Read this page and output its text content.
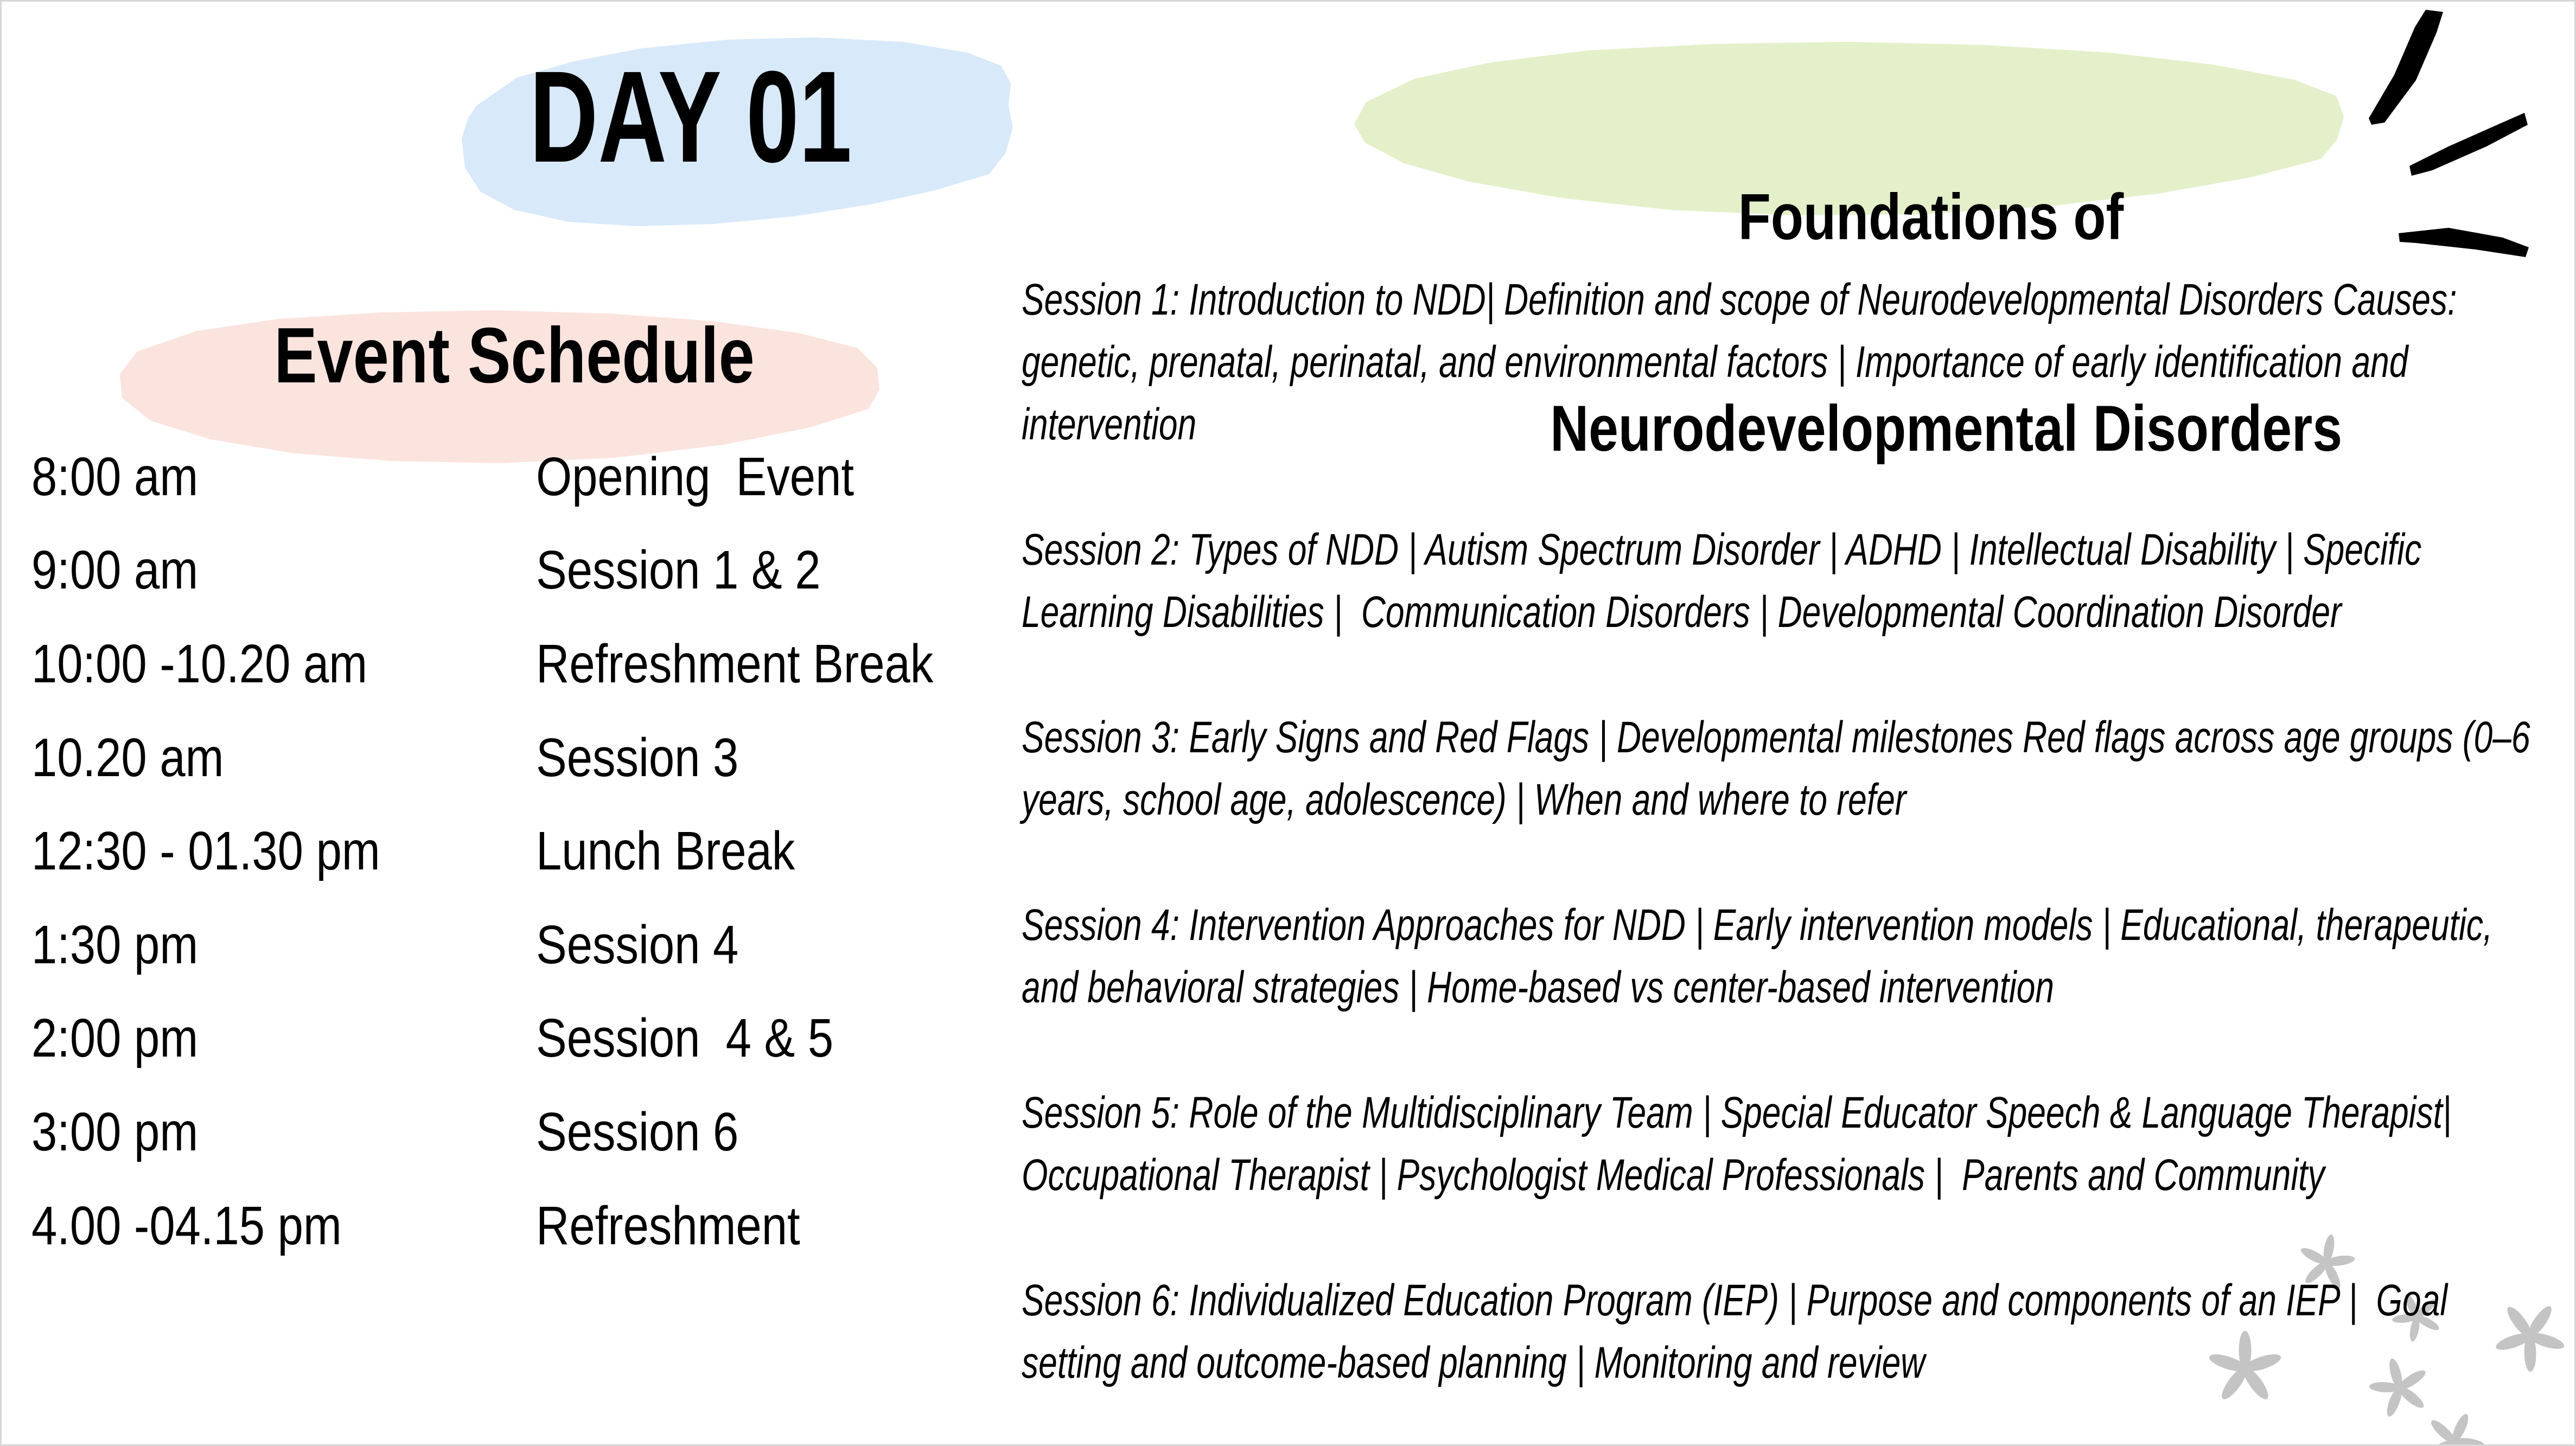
DAY 01

Foundations of

Neurodevelopmental Disorders

Event Schedule
8:00 am	Opening  Event
9:00 am	Session 1 & 2
10:00 -10.20 am	Refreshment Break
10.20 am	Session 3
12:30 - 01.30 pm	Lunch Break
1:30 pm	Session 4
2:00 pm	Session  4 & 5
3:00 pm	Session 6
4.00 -04.15 pm	Refreshment
Session 1: Introduction to NDD| Definition and scope of Neurodevelopmental Disorders Causes:
genetic, prenatal, perinatal, and environmental factors | Importance of early identification and
intervention
Session 2: Types of NDD | Autism Spectrum Disorder | ADHD | Intellectual Disability | Specific
Learning Disabilities |  Communication Disorders | Developmental Coordination Disorder
Session 3: Early Signs and Red Flags | Developmental milestones Red flags across age groups (0–6
years, school age, adolescence) | When and where to refer
Session 4: Intervention Approaches for NDD | Early intervention models | Educational, therapeutic,
and behavioral strategies | Home-based vs center-based intervention
Session 5: Role of the Multidisciplinary Team | Special Educator Speech & Language Therapist|
Occupational Therapist | Psychologist Medical Professionals |  Parents and Community
Session 6: Individualized Education Program (IEP) | Purpose and components of an IEP |  Goal
setting and outcome-based planning | Monitoring and review
